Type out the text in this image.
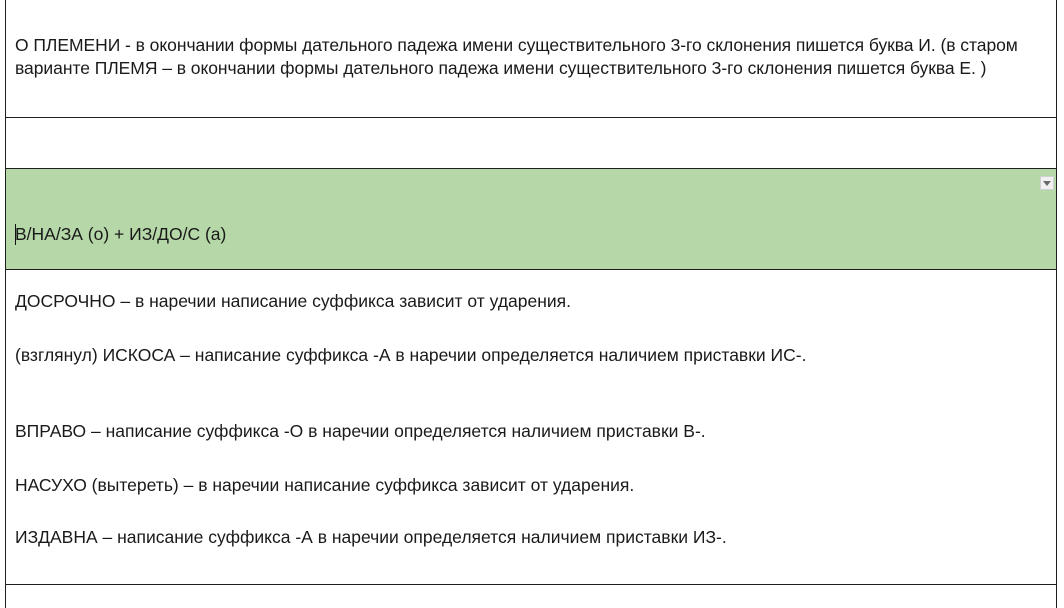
О ПЛЕМЕНИ - в окончании формы дательного падежа имени существительного 3-го склонения пишется буква И. (в старом варианте ПЛЕМЯ – в окончании формы дательного падежа имени существительного 3-го склонения пишется буква Е. )
В/НА/ЗА (о) + ИЗ/ДО/С (а)
ДОСРОЧНО – в наречии написание суффикса зависит от ударения.
(взглянул) ИСКОСА – написание суффикса -А в наречии определяется наличием приставки ИС-.
ВПРАВО – написание суффикса -О в наречии определяется наличием приставки В-.
НАСУХО (вытереть) – в наречии написание суффикса зависит от ударения.
ИЗДАВНА – написание суффикса -А в наречии определяется наличием приставки ИЗ-.
